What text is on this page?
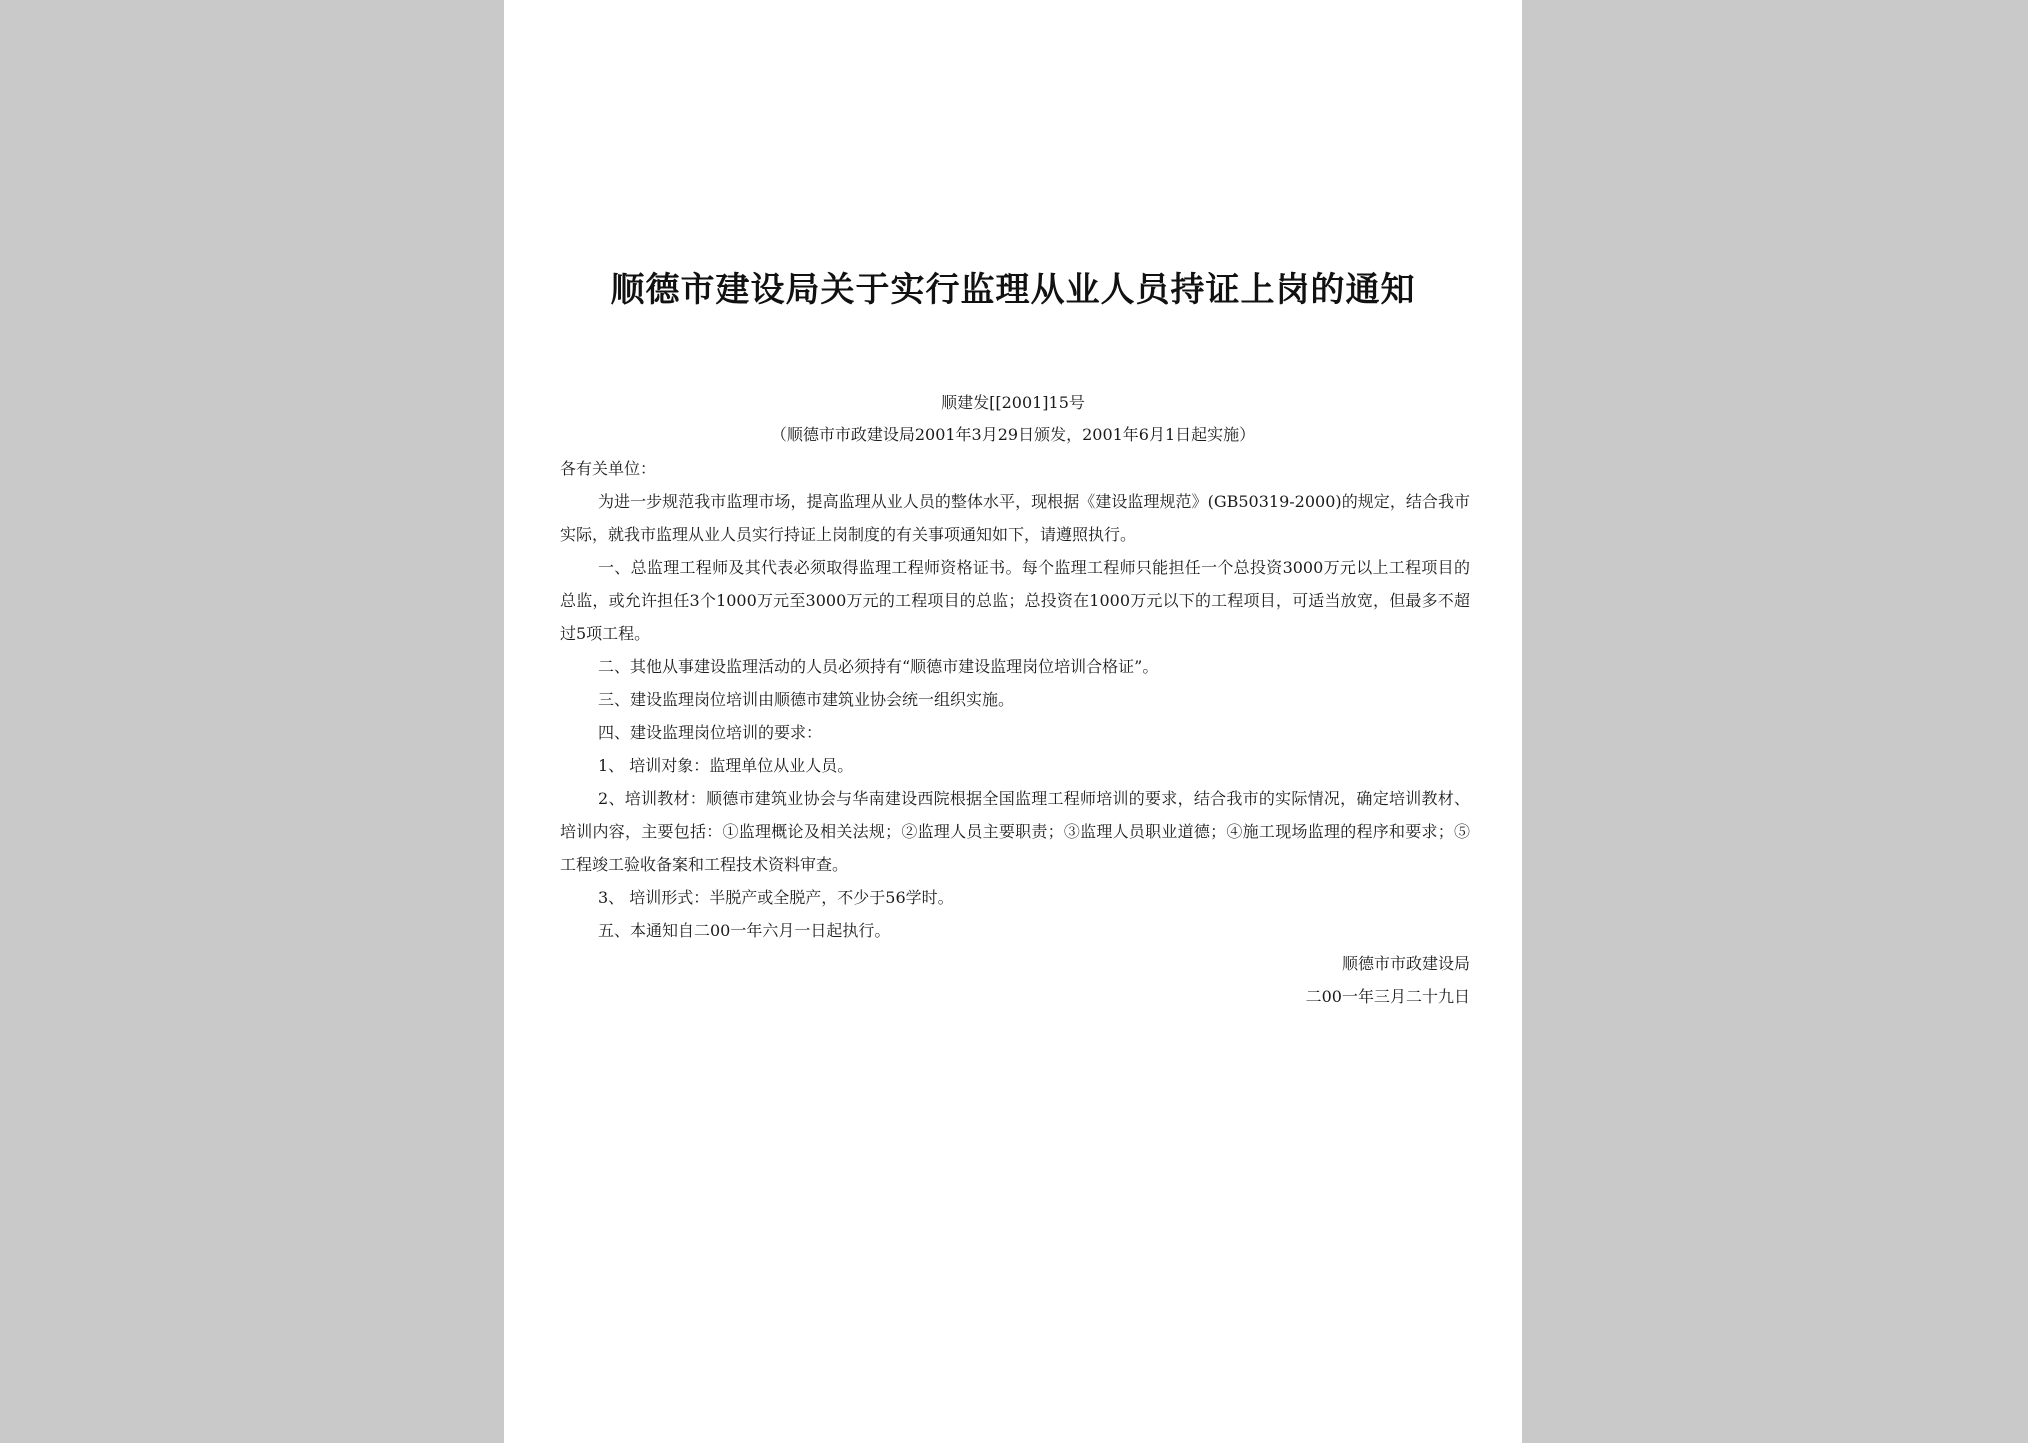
顺德市建设局关于实行监理从业人员持证上岗的通知
顺建发[[2001]15号
（顺德市市政建设局2001年3月29日颁发，2001年6月1日起实施）

各有关单位：

为进一步规范我市监理市场，提高监理从业人员的整体水平，现根据《建设监理规范》(GB50319-2000)的规定，结合我市实际，就我市监理从业人员实行持证上岗制度的有关事项通知如下，请遵照执行。

一、总监理工程师及其代表必须取得监理工程师资格证书。每个监理工程师只能担任一个总投资3000万元以上工程项目的总监，或允许担任3个1000万元至3000万元的工程项目的总监；总投资在1000万元以下的工程项目，可适当放宽，但最多不超过5项工程。

二、其他从事建设监理活动的人员必须持有“顺德市建设监理岗位培训合格证”。

三、建设监理岗位培训由顺德市建筑业协会统一组织实施。

四、建设监理岗位培训的要求：

1、 培训对象：监理单位从业人员。

2、培训教材：顺德市建筑业协会与华南建设西院根据全国监理工程师培训的要求，结合我市的实际情况，确定培训教材、培训内容，主要包括：①监理概论及相关法规；②监理人员主要职责；③监理人员职业道德；④施工现场监理的程序和要求；⑤工程竣工验收备案和工程技术资料审查。

3、 培训形式：半脱产或全脱产，不少于56学时。

五、本通知自二00一年六月一日起执行。

顺德市市政建设局

二00一年三月二十九日
